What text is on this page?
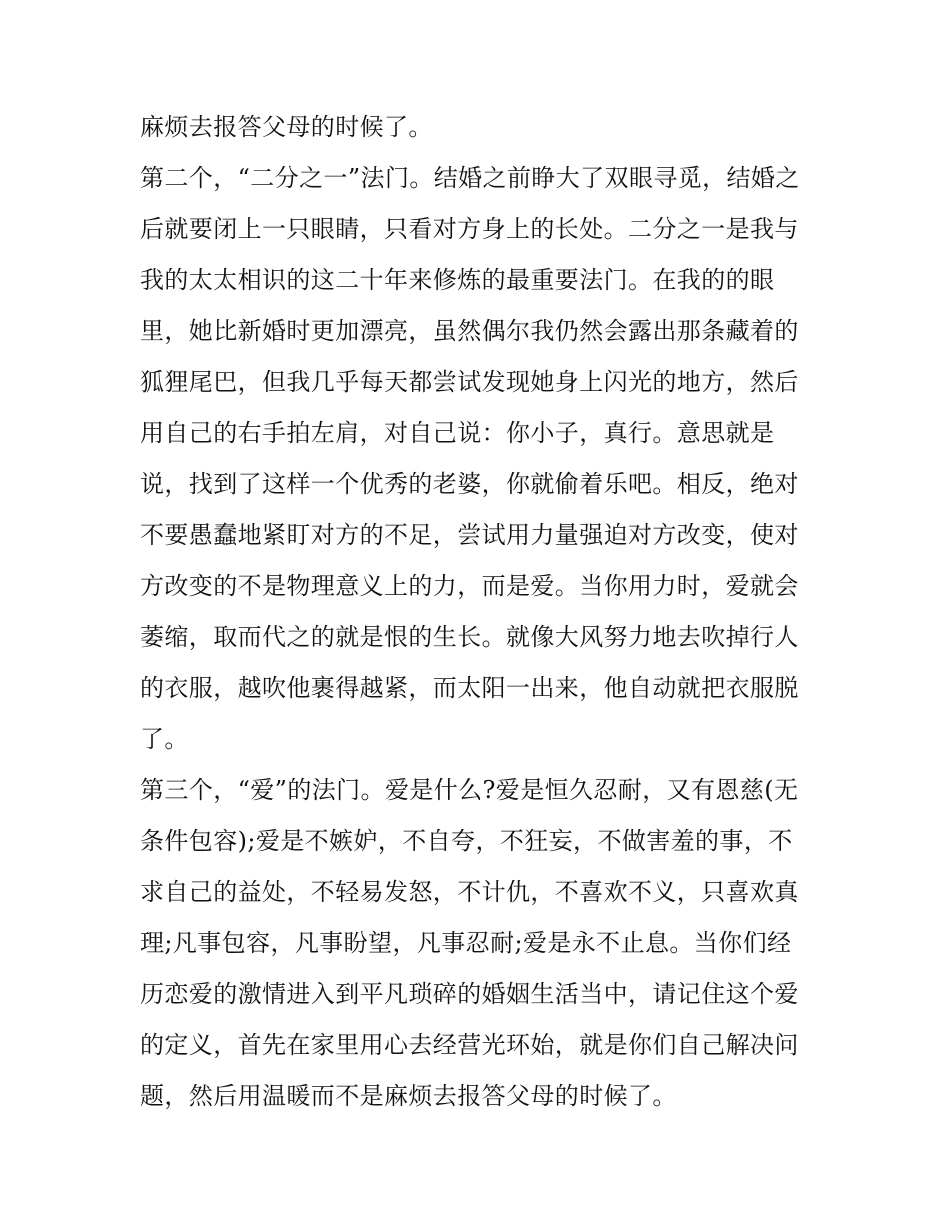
麻烦去报答父母的时候了。
第二个，“二分之一”法门。结婚之前睁大了双眼寻觅，结婚之
后就要闭上一只眼睛，只看对方身上的长处。二分之一是我与
我的太太相识的这二十年来修炼的最重要法门。在我的的眼
里，她比新婚时更加漂亮，虽然偶尔我仍然会露出那条藏着的
狐狸尾巴，但我几乎每天都尝试发现她身上闪光的地方，然后
用自己的右手拍左肩，对自己说：你小子，真行。意思就是
说，找到了这样一个优秀的老婆，你就偷着乐吧。相反，绝对
不要愚蠢地紧盯对方的不足，尝试用力量强迫对方改变，使对
方改变的不是物理意义上的力，而是爱。当你用力时，爱就会
萎缩，取而代之的就是恨的生长。就像大风努力地去吹掉行人
的衣服，越吹他裹得越紧，而太阳一出来，他自动就把衣服脱
了。
第三个，“爱”的法门。爱是什么?爱是恒久忍耐，又有恩慈(无
条件包容);爱是不嫉妒，不自夸，不狂妄，不做害羞的事，不
求自己的益处，不轻易发怒，不计仇，不喜欢不义，只喜欢真
理;凡事包容，凡事盼望，凡事忍耐;爱是永不止息。当你们经
历恋爱的激情进入到平凡琐碎的婚姻生活当中，请记住这个爱
的定义，首先在家里用心去经营光环始，就是你们自己解决问
题，然后用温暖而不是麻烦去报答父母的时候了。
